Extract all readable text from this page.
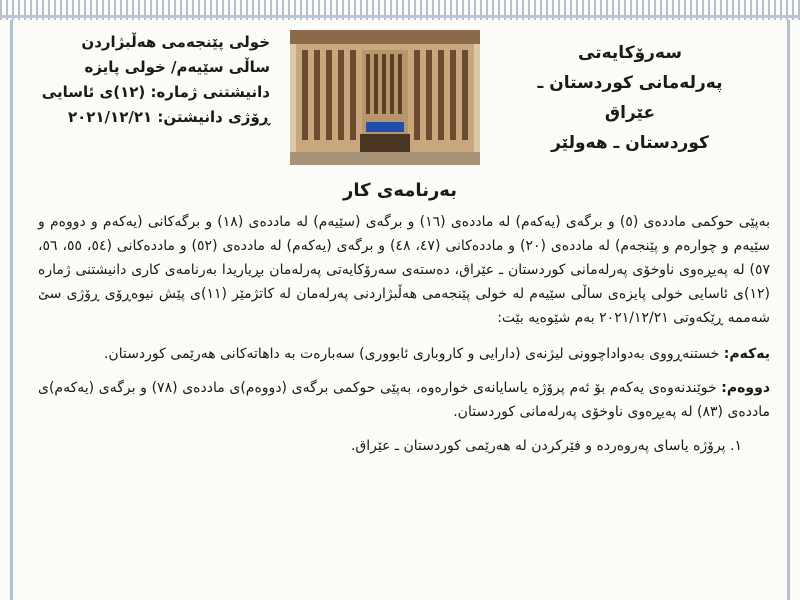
سەرۆکایەتی
پەرلەمانی کوردستان ـ عێراق
کوردستان ـ هەولێر
خولی پێنجەمی هەڵبژاردن
ساڵی سێیەم/ خولی پایزە
دانیشتنی ژمارە: (١٢)ی ئاسایی
ڕۆژی دانیشتن: ٢٠٢١/١٢/٢١
بەرنامەی کار

بەپێی حوکمی ماددەی (٥) و برگەی (یەکەم) لە ماددەی (١٦) و برگەی (سێیەم) لە ماددەی (١٨) و برگەکانی (یەکەم و دووەم و سێیەم و چوارەم و پێنجەم) لە ماددەی (٢٠) و ماددەکانی (٤٧، ٤٨) و برگەی (یەکەم) لە ماددەی (٥٢) و ماددەکانی (٥٤، ٥٥، ٥٦، ٥٧) لە پەیڕەوی ناوخۆی پەرلەمانی کوردستان ـ عێراق، دەستەی سەرۆکایەتی پەرلەمان بڕیاریدا بەرنامەی کاری دانیشتنی ژمارە (١٢)ی ئاسایی خولی پایزەی ساڵی سێیەم لە خولی پێنجەمی هەڵبژاردنی پەرلەمان لە کاتژمێر (١١)ی پێش نیوەڕۆی ڕۆژی سێ شەممە ڕێکەوتی ٢٠٢١/١٢/٢١ بەم شێوەیە بێت:

یەکەم: خستنەڕووی بەدواداچوونی لیژنەی (دارایی و کاروباری ئابووری) سەبارەت بە داهاتەکانی هەرێمی کوردستان.

دووەم: خوێندنەوەی یەکەم بۆ ئەم پرۆژە یاسایانەی خوارەوە، بەپێی حوکمی برگەی (دووەم)ی ماددەی (٧٨) و برگەی (یەکەم)ی ماددەی (٨٣) لە پەیڕەوی ناوخۆی پەرلەمانی کوردستان.

١. پرۆژە یاسای پەروەردە و فێرکردن لە هەرێمی کوردستان ـ عێراق.
